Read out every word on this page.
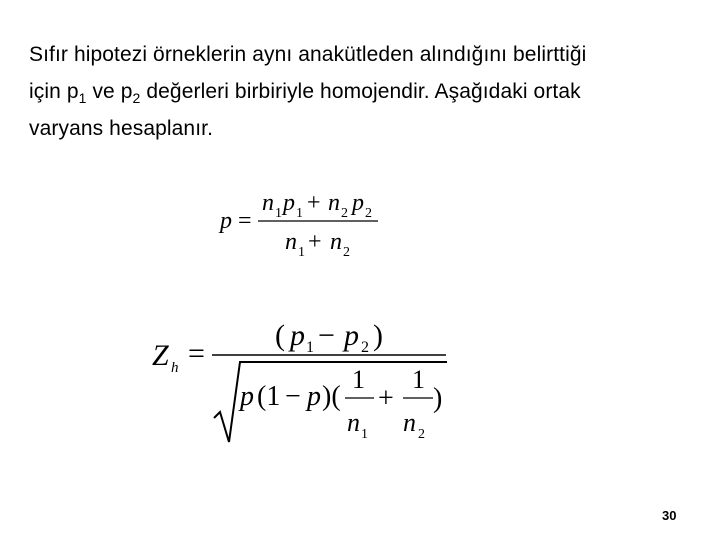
Sıfır hipotezi örneklerin aynı anakütleden alındığını belirttiği
için $p_1$ ve $p_2$ değerleri birbiriyle homojendir. Aşağıdaki ortak
varyans hesaplanır.
p =
n 1 p 1 + n 2 p 2
n 1 + n 2
Z h =
( p 1 − p 2 )
p (1 − p )(
1
n 1
+
1
n 2
)
30
